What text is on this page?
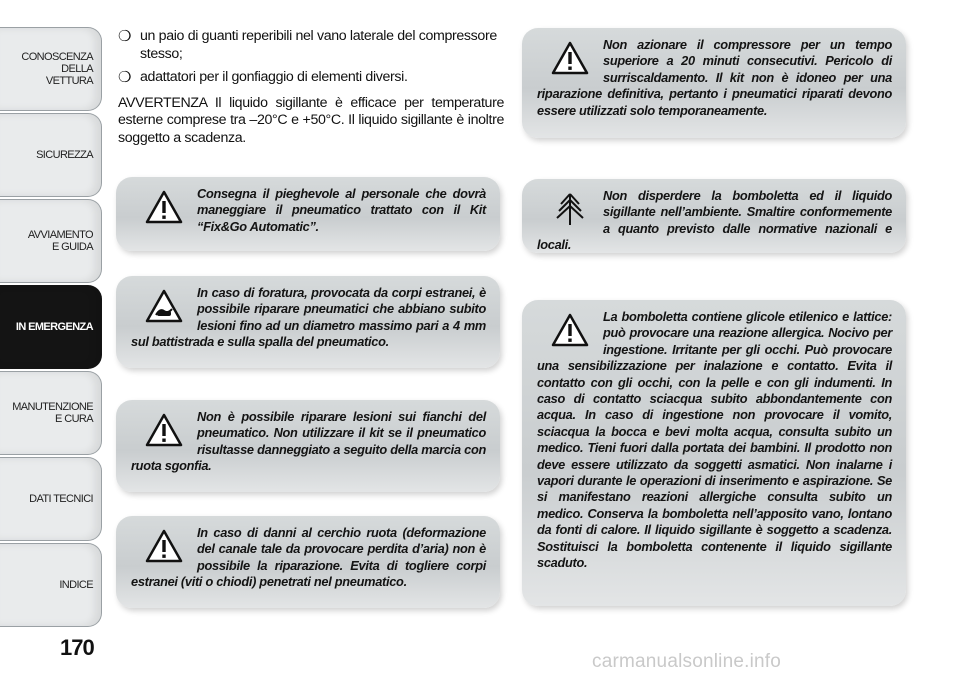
CONOSCENZA
DELLA
VETTURA
SICUREZZA
AVVIAMENTO
E GUIDA
IN EMERGENZA
MANUTENZIONE
E CURA
DATI TECNICI
INDICE
170
❍ un paio di guanti reperibili nel vano laterale del compressore stesso;
❍ adattatori per il gonfiaggio di elementi diversi.

AVVERTENZA Il liquido sigillante è efficace per temperature esterne comprese tra –20°C e +50°C. Il liquido sigillante è inoltre soggetto a scadenza.

Consegna il pieghevole al personale che dovrà maneggiare il pneumatico trattato con il Kit “Fix&Go Automatic”.
In caso di foratura, provocata da corpi estranei, è possibile riparare pneumatici che abbiano subito lesioni fino ad un diametro massimo pari a 4 mm sul battistrada e sulla spalla del pneumatico.
Non è possibile riparare lesioni sui fianchi del pneumatico. Non utilizzare il kit se il pneumatico risultasse danneggiato a seguito della marcia con ruota sgonfia.
In caso di danni al cerchio ruota (deformazione del canale tale da provocare perdita d’aria) non è possibile la riparazione. Evita di togliere corpi estranei (viti o chiodi) penetrati nel pneumatico.
Non azionare il compressore per un tempo superiore a 20 minuti consecutivi. Pericolo di surriscaldamento. Il kit non è idoneo per una riparazione definitiva, pertanto i pneumatici riparati devono essere utilizzati solo temporaneamente.
Non disperdere la bomboletta ed il liquido sigillante nell’ambiente. Smaltire conformemente a quanto previsto dalle normative nazionali e locali.
La bomboletta contiene glicole etilenico e lattice: può provocare una reazione allergica. Nocivo per ingestione. Irritante per gli occhi. Può provocare una sensibilizzazione per inalazione e contatto. Evita il contatto con gli occhi, con la pelle e con gli indumenti. In caso di contatto sciacqua subito abbondantemente con acqua. In caso di ingestione non provocare il vomito, sciacqua la bocca e bevi molta acqua, consulta subito un medico. Tieni fuori dalla portata dei bambini. Il prodotto non deve essere utilizzato da soggetti asmatici. Non inalarne i vapori durante le operazioni di inserimento e aspirazione. Se si manifestano reazioni allergiche consulta subito un medico. Conserva la bomboletta nell’apposito vano, lontano da fonti di calore. Il liquido sigillante è soggetto a scadenza. Sostituisci la bomboletta contenente il liquido sigillante scaduto.
carmanualsonline.info
